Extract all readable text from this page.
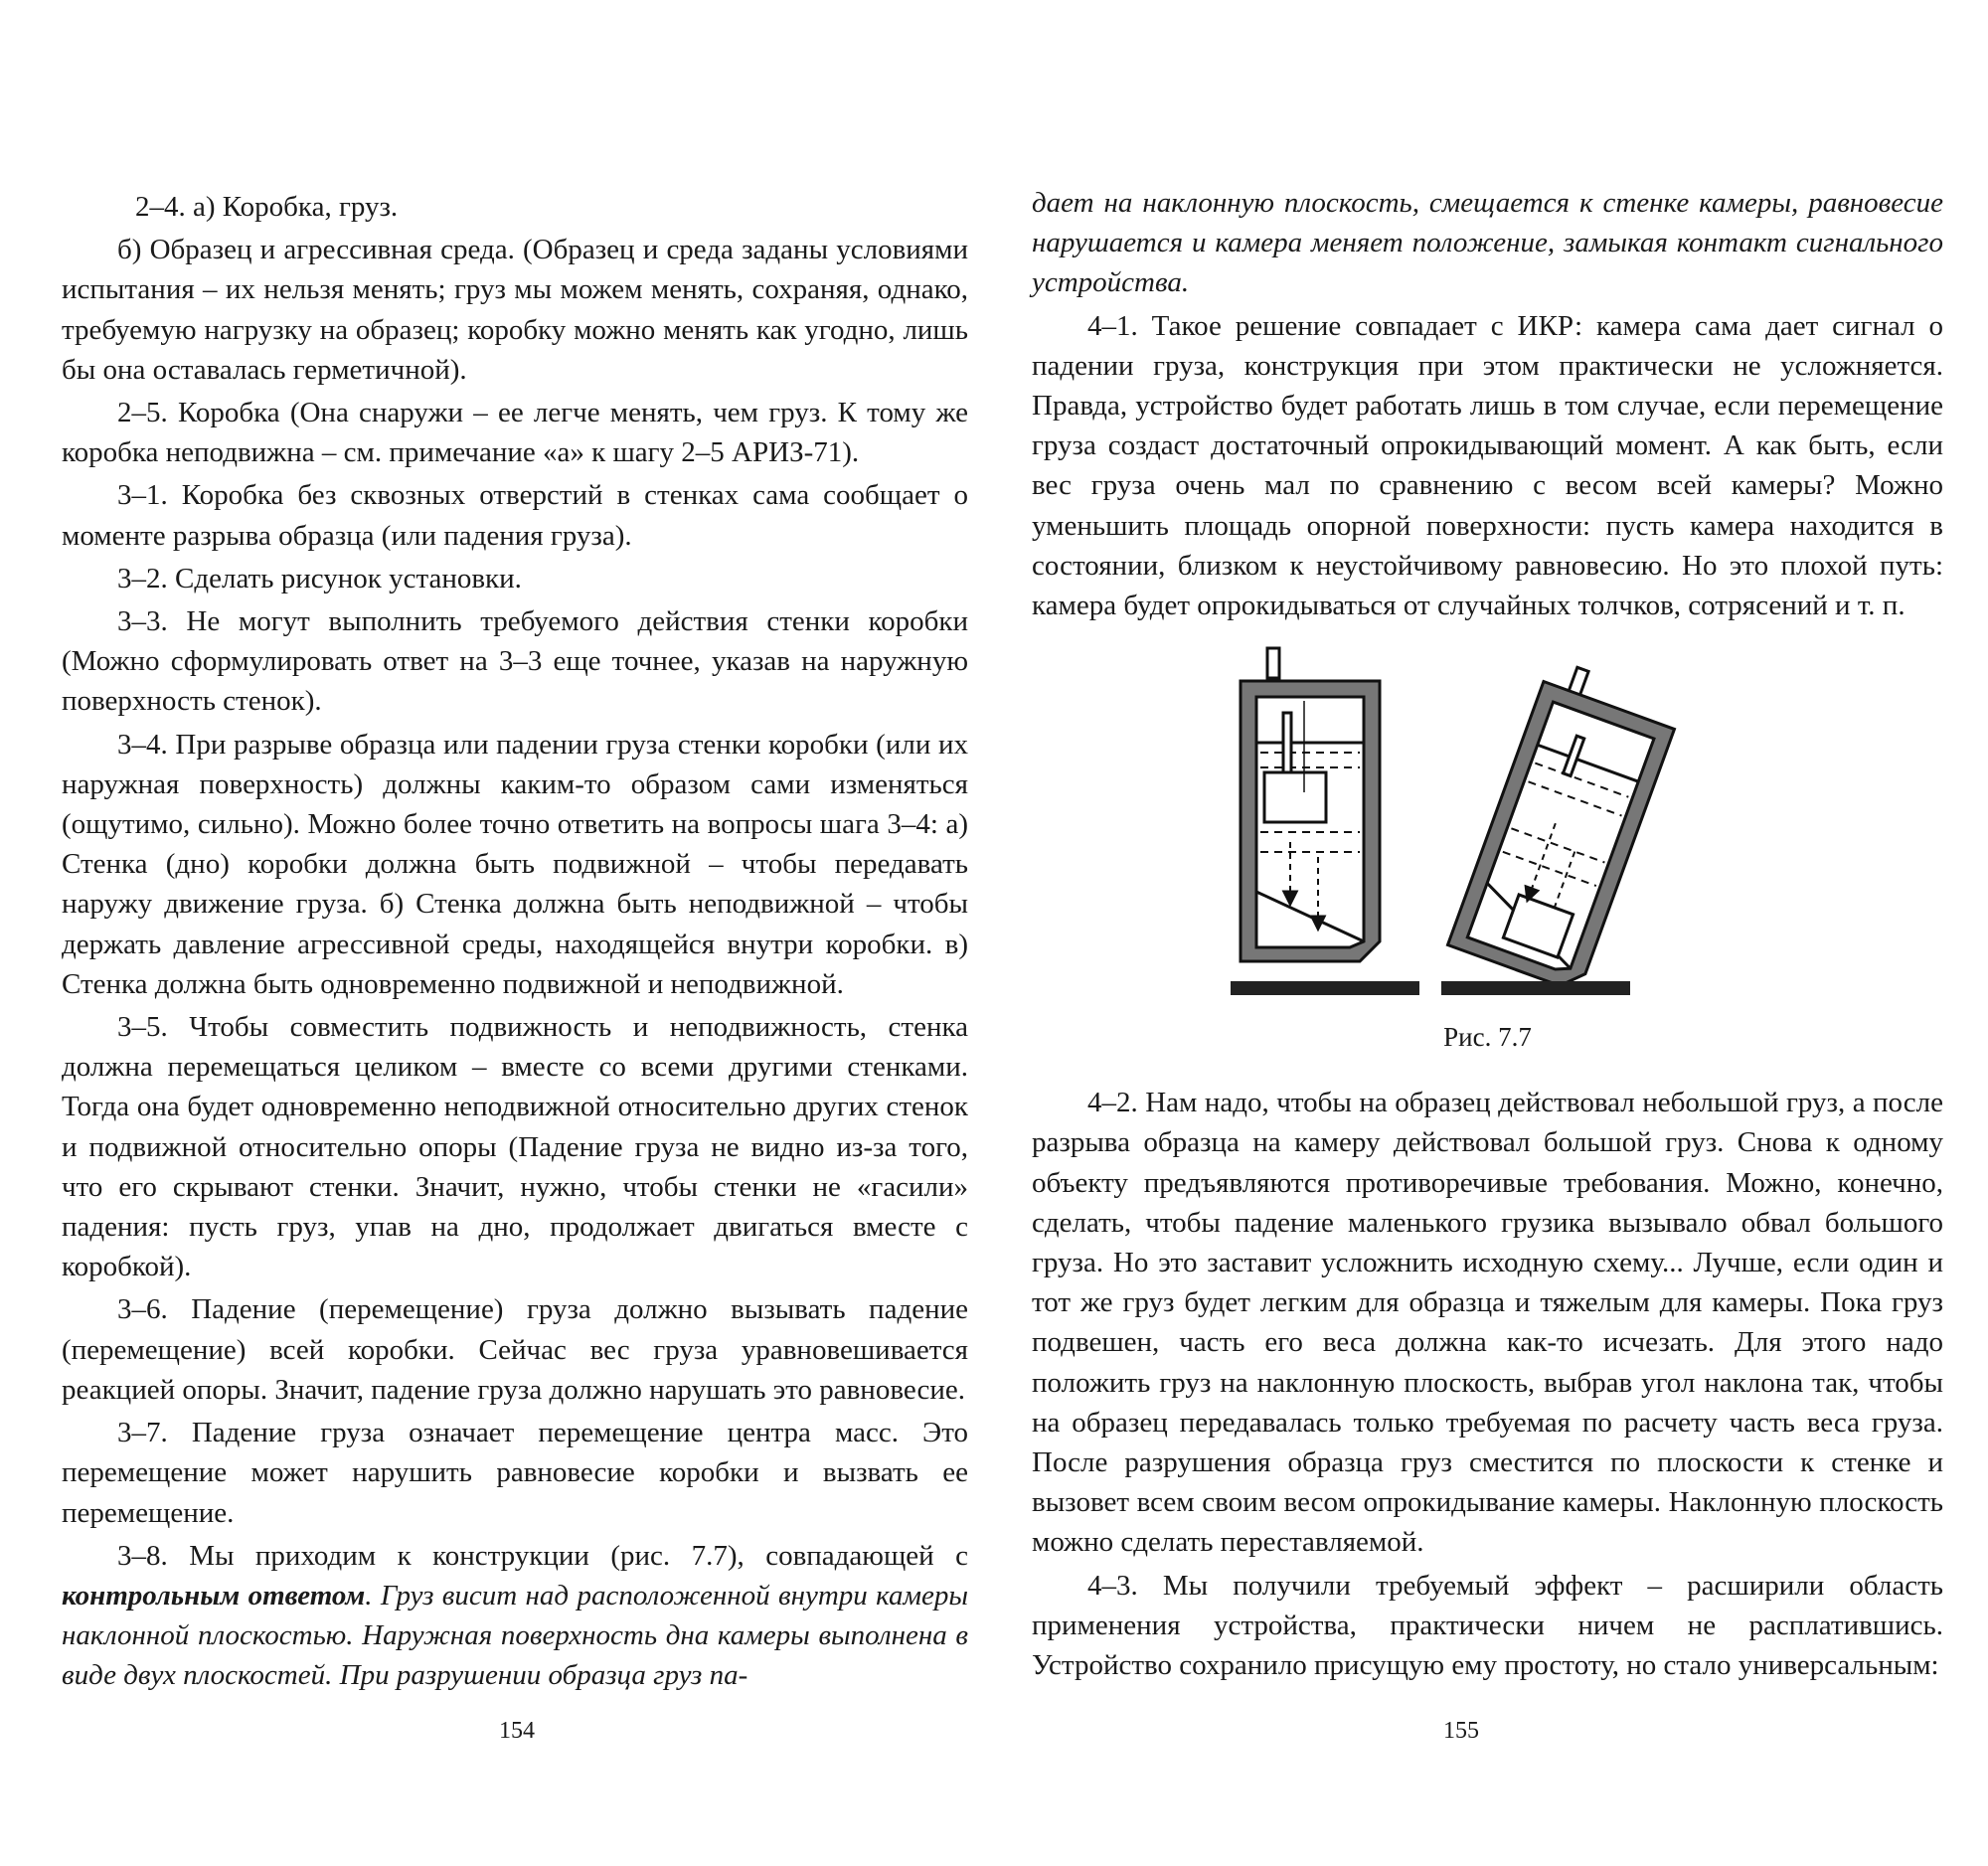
2–4. а) Коробка, груз.

б) Образец и агрессивная среда. (Образец и среда заданы условиями испытания – их нельзя менять; груз мы можем менять, сохраняя, однако, требуемую нагрузку на образец; коробку можно менять как угодно, лишь бы она оставалась герметичной).

2–5. Коробка (Она снаружи – ее легче менять, чем груз. К тому же коробка неподвижна – см. примечание «а» к шагу 2–5 АРИЗ-71).

3–1. Коробка без сквозных отверстий в стенках сама сообщает о моменте разрыва образца (или падения груза).

3–2. Сделать рисунок установки.

3–3. Не могут выполнить требуемого действия стенки коробки (Можно сформулировать ответ на 3–3 еще точнее, указав на наружную поверхность стенок).

3–4. При разрыве образца или падении груза стенки коробки (или их наружная поверхность) должны каким-то образом сами изменяться (ощутимо, сильно). Можно более точно ответить на вопросы шага 3–4: а) Стенка (дно) коробки должна быть подвижной – чтобы передавать наружу движение груза. б) Стенка должна быть неподвижной – чтобы держать давление агрессивной среды, находящейся внутри коробки. в) Стенка должна быть одновременно подвижной и неподвижной.

3–5. Чтобы совместить подвижность и неподвижность, стенка должна перемещаться целиком – вместе со всеми другими стенками. Тогда она будет одновременно неподвижной относительно других стенок и подвижной относительно опоры (Падение груза не видно из-за того, что его скрывают стенки. Значит, нужно, чтобы стенки не «гасили» падения: пусть груз, упав на дно, продолжает двигаться вместе с коробкой).

3–6. Падение (перемещение) груза должно вызывать падение (перемещение) всей коробки. Сейчас вес груза уравновешивается реакцией опоры. Значит, падение груза должно нарушать это равновесие.

3–7. Падение груза означает перемещение центра масс. Это перемещение может нарушить равновесие коробки и вызвать ее перемещение.

3–8. Мы приходим к конструкции (рис. 7.7), совпадающей с контрольным ответом. Груз висит над расположенной внутри камеры наклонной плоскостью. Наружная поверхность дна камеры выполнена в виде двух плоскостей. При разрушении образца груз па-

154

дает на наклонную плоскость, смещается к стенке камеры, равновесие нарушается и камера меняет положение, замыкая контакт сигнального устройства.

4–1. Такое решение совпадает с ИКР: камера сама дает сигнал о падении груза, конструкция при этом практически не усложняется. Правда, устройство будет работать лишь в том случае, если перемещение груза создаст достаточный опрокидывающий момент. А как быть, если вес груза очень мал по сравнению с весом всей камеры? Можно уменьшить площадь опорной поверхности: пусть камера находится в состоянии, близком к неустойчивому равновесию. Но это плохой путь: камера будет опрокидываться от случайных толчков, сотрясений и т. п.

Рис. 7.7

4–2. Нам надо, чтобы на образец действовал небольшой груз, а после разрыва образца на камеру действовал большой груз. Снова к одному объекту предъявляются противоречивые требования. Можно, конечно, сделать, чтобы падение маленького грузика вызывало обвал большого груза. Но это заставит усложнить исходную схему... Лучше, если один и тот же груз будет легким для образца и тяжелым для камеры. Пока груз подвешен, часть его веса должна как-то исчезать. Для этого надо положить груз на наклонную плоскость, выбрав угол наклона так, чтобы на образец передавалась только требуемая по расчету часть веса груза. После разрушения образца груз сместится по плоскости к стенке и вызовет всем своим весом опрокидывание камеры. Наклонную плоскость можно сделать переставляемой.

4–3. Мы получили требуемый эффект – расширили область применения устройства, практически ничем не расплатившись. Устройство сохранило присущую ему простоту, но стало универсальным:

155
